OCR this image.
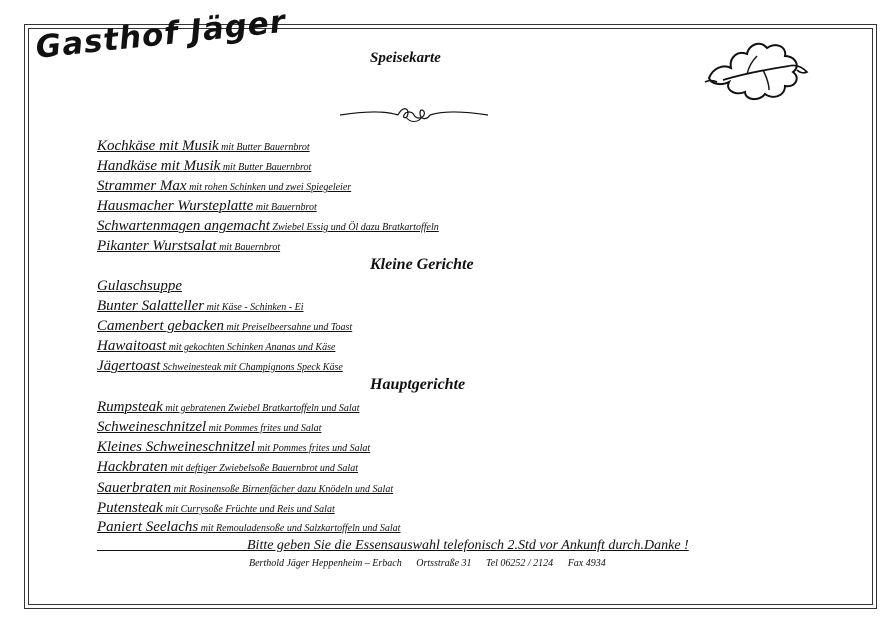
Gasthof Jäger	Speisekarte
Kochkäse mit Musik mit Butter Bauernbrot
Handkäse mit Musik mit Butter Bauernbrot
Strammer Max mit rohen Schinken und zwei Spiegeleier
Hausmacher Wursteplatte mit Bauernbrot
Schwartenmagen angemacht Zwiebel Essig und Öl dazu Bratkartoffeln
Pikanter Wurstsalat mit Bauernbrot
Kleine Gerichte
Gulaschsuppe
Bunter Salatteller mit Käse - Schinken - Ei
Camenbert gebacken mit Preiselbeersahne und Toast
Hawaitoast mit gekochten Schinken Ananas und Käse
Jägertoast Schweinesteak mit Champignons Speck Käse
Hauptgerichte
Rumpsteak mit gebratenen Zwiebel Bratkartoffeln und Salat
Schweineschnitzel mit Pommes frites und Salat
Kleines Schweineschnitzel mit Pommes frites und Salat
Hackbraten mit deftiger Zwiebelsoße Bauernbrot und Salat
Sauerbraten mit Rosinensoße Birnenfächer dazu Knödeln und Salat
Putensteak mit Currysoße Früchte und Reis und Salat
Paniert Seelachs mit Remouladensoße und Salzkartoffeln und Salat
Bitte geben Sie die Essensauswahl telefonisch 2.Std vor Ankunft durch.Danke !
Berthold Jäger Heppenheim – Erbach Ortsstraße 31 Tel 06252 / 2124 Fax 4934
